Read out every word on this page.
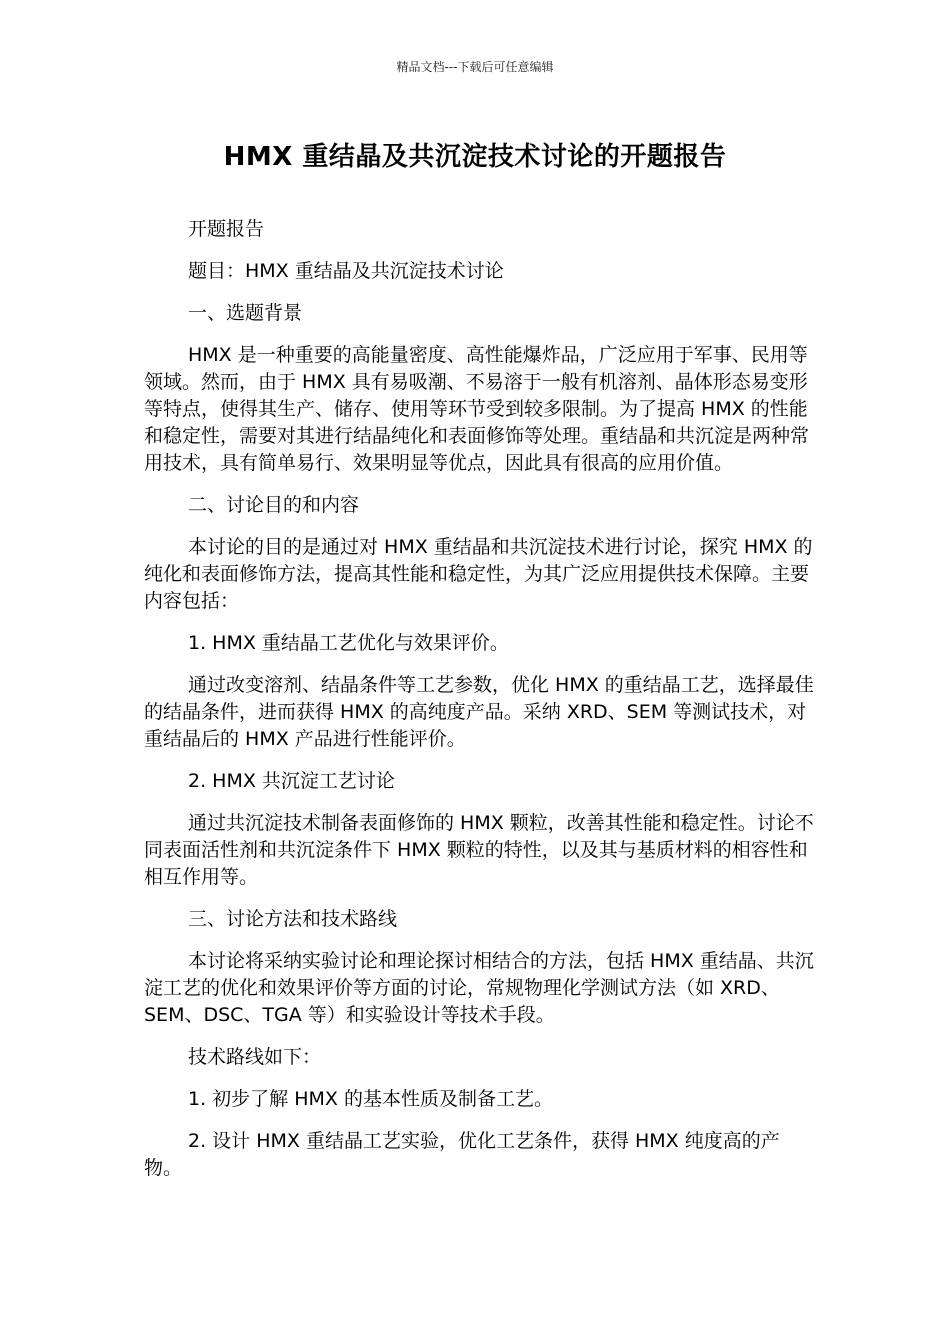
精品文档---下载后可任意编辑
HMX 重结晶及共沉淀技术讨论的开题报告

开题报告

题目：HMX 重结晶及共沉淀技术讨论

一、选题背景

HMX 是一种重要的高能量密度、高性能爆炸品，广泛应用于军事、民用等领域。然而，由于 HMX 具有易吸潮、不易溶于一般有机溶剂、晶体形态易变形等特点，使得其生产、储存、使用等环节受到较多限制。为了提高 HMX 的性能和稳定性，需要对其进行结晶纯化和表面修饰等处理。重结晶和共沉淀是两种常用技术，具有简单易行、效果明显等优点，因此具有很高的应用价值。

二、讨论目的和内容

本讨论的目的是通过对 HMX 重结晶和共沉淀技术进行讨论，探究 HMX 的纯化和表面修饰方法，提高其性能和稳定性，为其广泛应用提供技术保障。主要内容包括：

1. HMX 重结晶工艺优化与效果评价。

通过改变溶剂、结晶条件等工艺参数，优化 HMX 的重结晶工艺，选择最佳的结晶条件，进而获得 HMX 的高纯度产品。采纳 XRD、SEM 等测试技术，对重结晶后的 HMX 产品进行性能评价。

2. HMX 共沉淀工艺讨论

通过共沉淀技术制备表面修饰的 HMX 颗粒，改善其性能和稳定性。讨论不同表面活性剂和共沉淀条件下 HMX 颗粒的特性，以及其与基质材料的相容性和相互作用等。

三、讨论方法和技术路线

本讨论将采纳实验讨论和理论探讨相结合的方法，包括 HMX 重结晶、共沉淀工艺的优化和效果评价等方面的讨论，常规物理化学测试方法（如 XRD、SEM、DSC、TGA 等）和实验设计等技术手段。

技术路线如下：

1. 初步了解 HMX 的基本性质及制备工艺。

2. 设计 HMX 重结晶工艺实验，优化工艺条件，获得 HMX 纯度高的产物。
